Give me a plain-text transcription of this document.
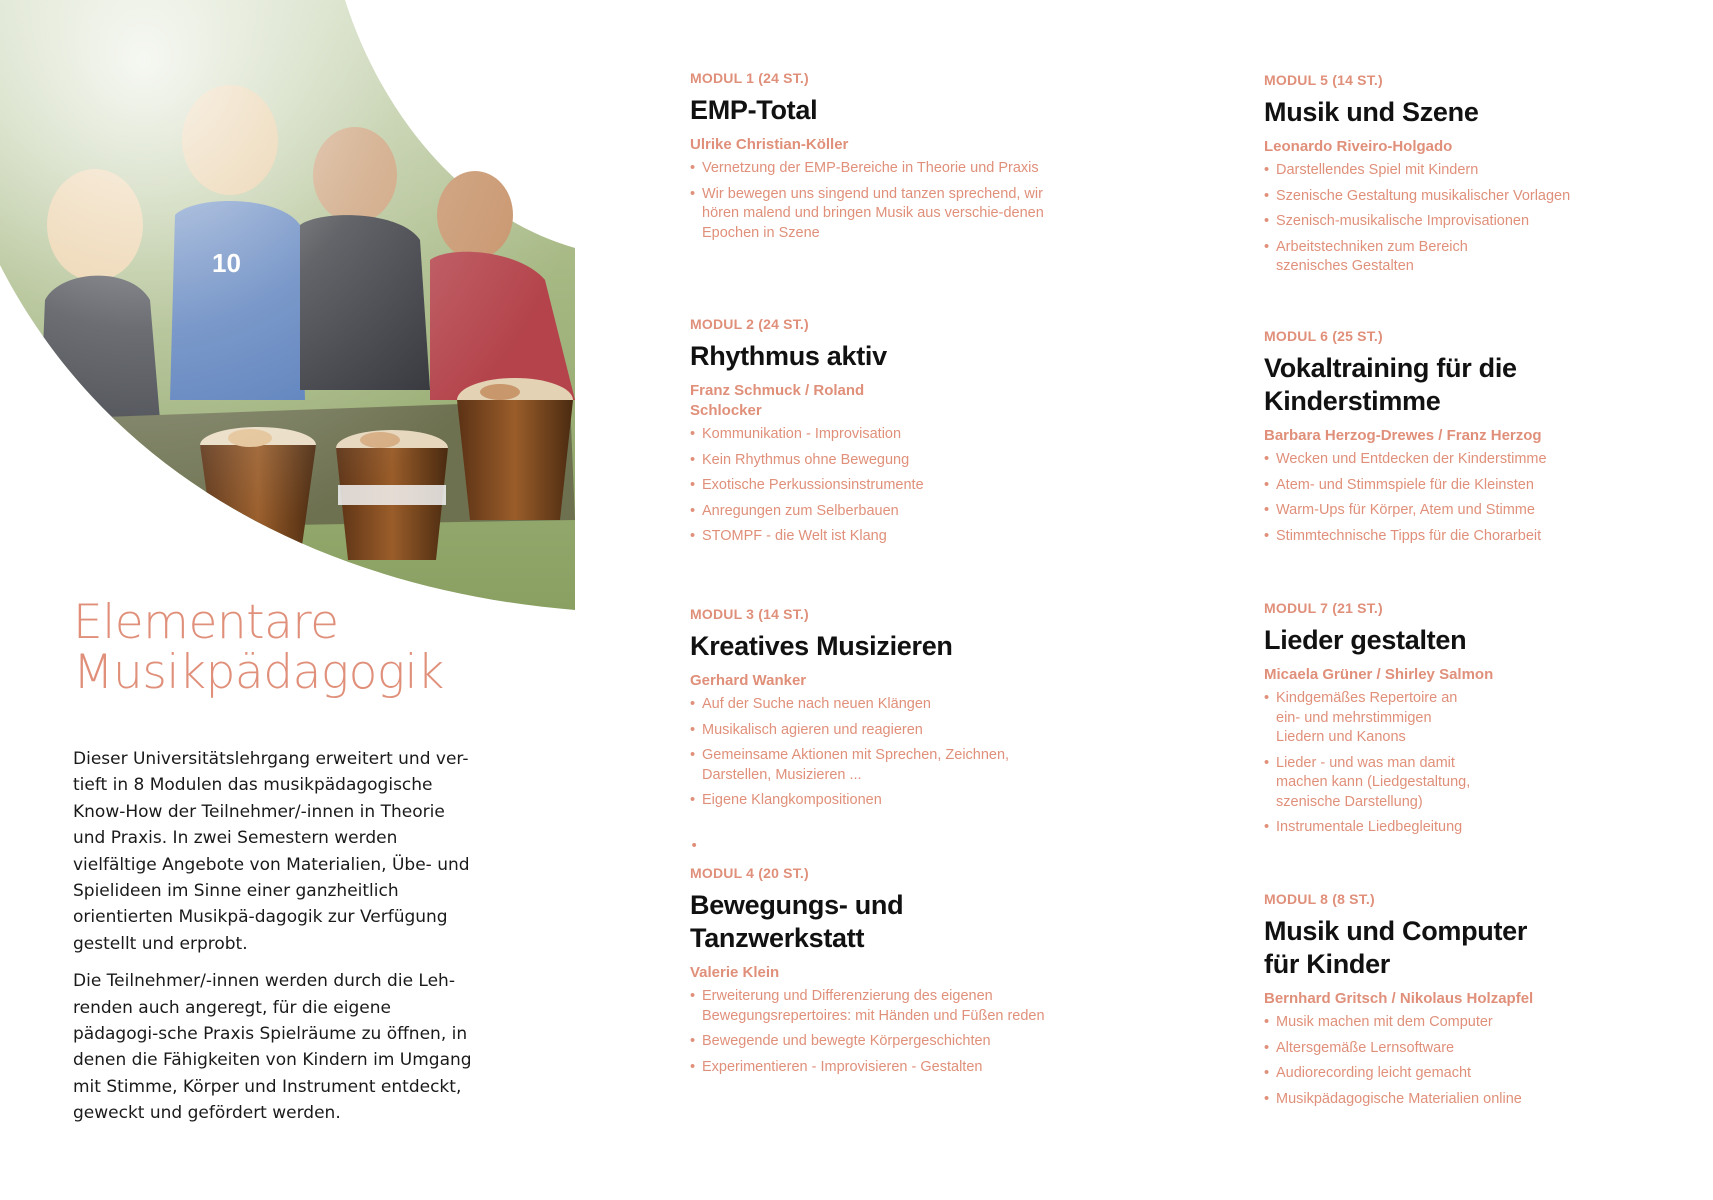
Elementare
Musikpädagogik

Dieser Universitätslehrgang erweitert und ver-tieft in 8 Modulen das musikpädagogische Know-How der Teilnehmer/-innen in Theorie und Praxis. In zwei Semestern werden vielfältige Angebote von Materialien, Übe- und Spielideen im Sinne einer ganzheitlich orientierten Musikpä-dagogik zur Verfügung gestellt und erprobt.

Die Teilnehmer/-innen werden durch die Leh-renden auch angeregt, für die eigene pädagogi-sche Praxis Spielräume zu öffnen, in denen die Fähigkeiten von Kindern im Umgang mit Stimme, Körper und Instrument entdeckt, geweckt und gefördert werden.

MODUL 1 (24 ST.)
EMP-Total
Ulrike Christian-Köller
• Vernetzung der EMP-Bereiche in Theorie und Praxis
• Wir bewegen uns singend und tanzen sprechend, wir hören malend und bringen Musik aus verschie-denen Epochen in Szene
MODUL 2 (24 ST.)
Rhythmus aktiv
Franz Schmuck / Roland Schlocker
• Kommunikation - Improvisation
• Kein Rhythmus ohne Bewegung
• Exotische Perkussionsinstrumente
• Anregungen zum Selberbauen
• STOMPF - die Welt ist Klang
MODUL 3 (14 ST.)
Kreatives Musizieren
Gerhard Wanker
• Auf der Suche nach neuen Klängen
• Musikalisch agieren und reagieren
• Gemeinsame Aktionen mit Sprechen, Zeichnen, Darstellen, Musizieren ...
• Eigene Klangkompositionen
•
MODUL 4 (20 ST.)
Bewegungs- und Tanzwerkstatt
Valerie Klein
• Erweiterung und Differenzierung des eigenen Bewegungsrepertoires: mit Händen und Füßen reden
• Bewegende und bewegte Körpergeschichten
• Experimentieren - Improvisieren - Gestalten
MODUL 5 (14 ST.)
Musik und Szene
Leonardo Riveiro-Holgado
• Darstellendes Spiel mit Kindern
• Szenische Gestaltung musikalischer Vorlagen
• Szenisch-musikalische Improvisationen
• Arbeitstechniken zum Bereich szenisches Gestalten
MODUL 6 (25 ST.)
Vokaltraining für die Kinderstimme
Barbara Herzog-Drewes / Franz Herzog
• Wecken und Entdecken der Kinderstimme
• Atem- und Stimmspiele für die Kleinsten
• Warm-Ups für Körper, Atem und Stimme
• Stimmtechnische Tipps für die Chorarbeit
MODUL 7 (21 ST.)
Lieder gestalten
Micaela Grüner / Shirley Salmon
• Kindgemäßes Repertoire an ein- und mehrstimmigen Liedern und Kanons
• Lieder - und was man damit machen kann (Liedgestaltung, szenische Darstellung)
• Instrumentale Liedbegleitung
MODUL 8 (8 ST.)
Musik und Computer für Kinder
Bernhard Gritsch / Nikolaus Holzapfel
• Musik machen mit dem Computer
• Altersgemäße Lernsoftware
• Audiorecording leicht gemacht
• Musikpädagogische Materialien online
